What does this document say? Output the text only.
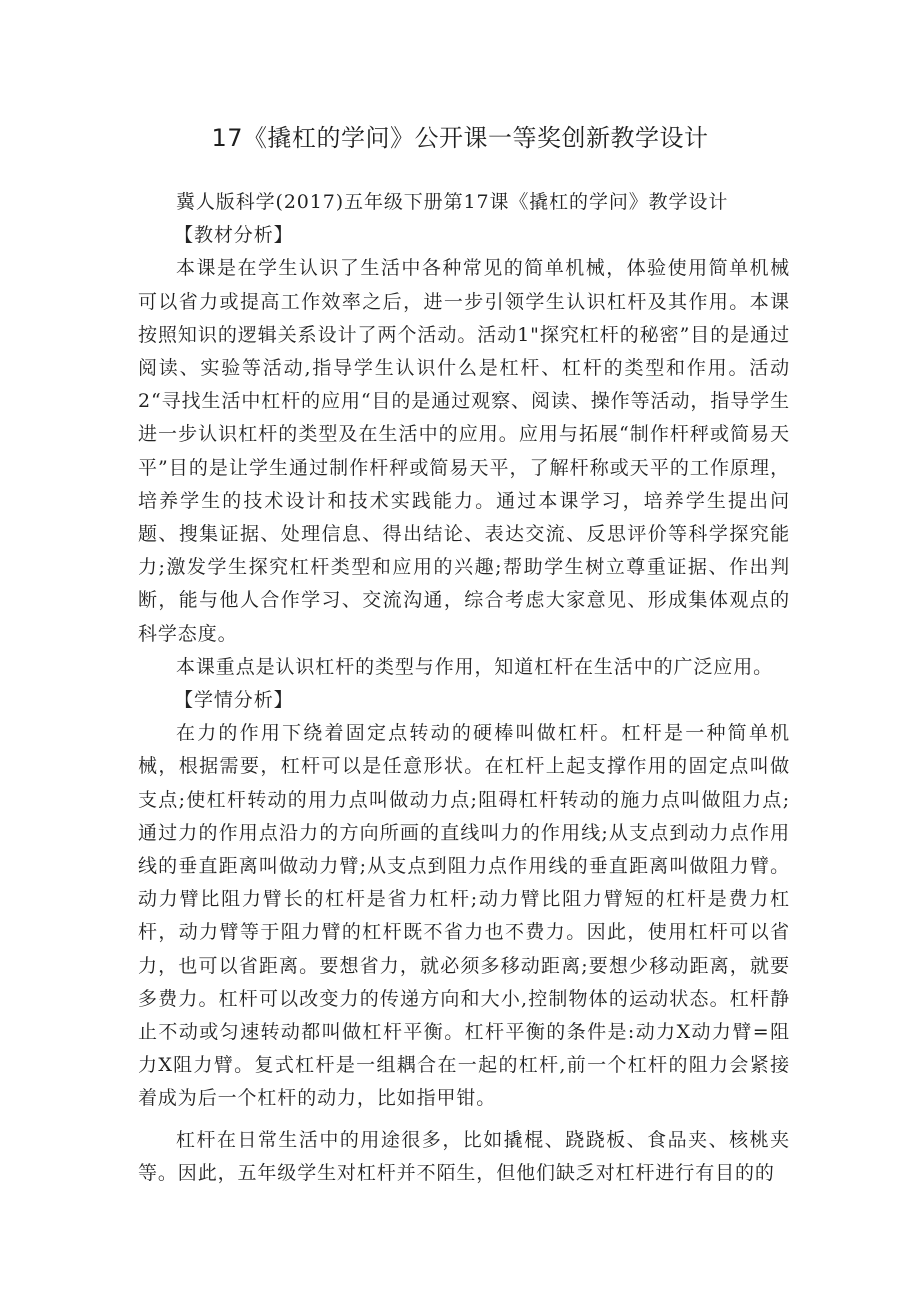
17《撬杠的学问》公开课一等奖创新教学设计

冀人版科学(2017)五年级下册第17课《撬杠的学问》教学设计

【教材分析】

本课是在学生认识了生活中各种常见的简单机械，体验使用简单机械可以省力或提高工作效率之后，进一步引领学生认识杠杆及其作用。本课按照知识的逻辑关系设计了两个活动。活动1"探究杠杆的秘密”目的是通过阅读、实验等活动,指导学生认识什么是杠杆、杠杆的类型和作用。活动2“寻找生活中杠杆的应用“目的是通过观察、阅读、操作等活动，指导学生进一步认识杠杆的类型及在生活中的应用。应用与拓展“制作杆秤或简易天平”目的是让学生通过制作杆秤或简易天平，了解杆称或天平的工作原理，培养学生的技术设计和技术实践能力。通过本课学习，培养学生提出问题、搜集证据、处理信息、得出结论、表达交流、反思评价等科学探究能力;激发学生探究杠杆类型和应用的兴趣;帮助学生树立尊重证据、作出判断，能与他人合作学习、交流沟通，综合考虑大家意见、形成集体观点的科学态度。

本课重点是认识杠杆的类型与作用，知道杠杆在生活中的广泛应用。

【学情分析】

在力的作用下绕着固定点转动的硬棒叫做杠杆。杠杆是一种简单机械，根据需要，杠杆可以是任意形状。在杠杆上起支撑作用的固定点叫做支点;使杠杆转动的用力点叫做动力点;阻碍杠杆转动的施力点叫做阻力点;通过力的作用点沿力的方向所画的直线叫力的作用线;从支点到动力点作用线的垂直距离叫做动力臂;从支点到阻力点作用线的垂直距离叫做阻力臂。动力臂比阻力臂长的杠杆是省力杠杆;动力臂比阻力臂短的杠杆是费力杠杆，动力臂等于阻力臂的杠杆既不省力也不费力。因此，使用杠杆可以省力，也可以省距离。要想省力，就必须多移动距离;要想少移动距离，就要多费力。杠杆可以改变力的传递方向和大小,控制物体的运动状态。杠杆静止不动或匀速转动都叫做杠杆平衡。杠杆平衡的条件是:动力X动力臂=阻力X阻力臂。复式杠杆是一组耦合在一起的杠杆,前一个杠杆的阻力会紧接着成为后一个杠杆的动力，比如指甲钳。

杠杆在日常生活中的用途很多，比如撬棍、跷跷板、食品夹、核桃夹等。因此，五年级学生对杠杆并不陌生，但他们缺乏对杠杆进行有目的的
